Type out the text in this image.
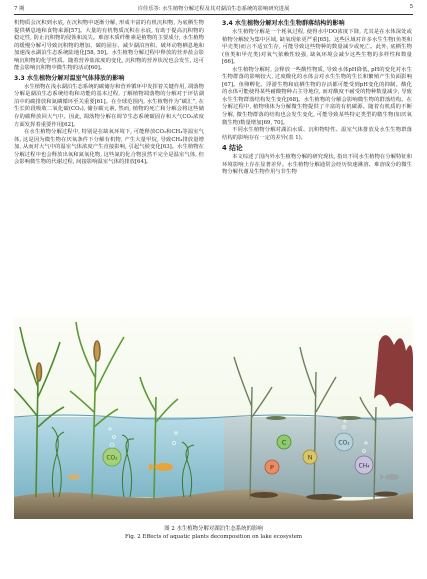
7 期	许佳乐等: 水生植物分解过程及其对湖泊生态系统的影响研究进展	5

机物质会沉积到水底, 在沉积物中逐渐分解, 形成丰富的有机沉积物, 为底栖生物提供栖息地和食物来源[57]。大量的有机物质沉积在水底, 有助于提高沉积物的稳定性, 防止沉积物的侵蚀和流失。难溶木质纤维素是植物的主要成分, 水生植物的缓慢分解可导致沉积物的增加、碳的固存、减少湖泊容积、破坏动物栖息地和加速浅水湖泊生态系统陆地化[58, 59]。水生植物分解过程中释放的营养盐会影响沉积物的化学性质。随着营养盐浓度的变化, 沉积物的营养状况也会发生, 这可能会影响沉积物中微生物的活动[60]。

3.3 水生植物分解对温室气体排放的影响

水生植物在浅水湖泊生态系统的碳储存和营养循环中发挥着关键作用, 凋落物分解是湖泊生态系统结构和功能的基本过程, 了解植物凋落物的分解对于评估湖泊中的碳排放和氮磷循环至关重要[61]。在全球范围内, 水生植物作为“碳汇”, 在生长阶段吸收二氧化碳(CO₂), 储存碳元素, 然而, 植物的死亡和分解会将这些储存的碳释放回大气中。因此, 凋落物分解在调节生态系统碳固存和大气CO₂浓度方面发挥着重要作用[62]。

在水生植物分解过程中, 特别是在缺氧环境下, 可能释放CO₂和CH₄等温室气体, 这是因为微生物在厌氧条件下分解有机物, 产生大量甲烷, 导致CH₄排放量增加, 从而对大气中的温室气体浓度产生直接影响, 引起气候变化[63]。水生植物在分解过程中也会释放出氧和氮氧化物, 这些氮的化合物虽然不完全是温室气体, 但会影响微生物的代谢过程, 间接影响温室气体的排放[64]。

3.4 水生植物分解对水生生物群落结构的影响

水生植物分解是一个耗氧过程, 使得水中DO浓度下降, 尤其是在水体深处或植物分解较为集中区域, 缺氧现象更严重[65]。这些区域对许多水生生物(鱼类和甲壳类)而言不适宜生存, 可能导致这些物种的数量减少或死亡。此外, 底栖生物(鱼类和甲壳类)对氧气依赖性较强, 缺氧环境会减少这些生物的多样性和数量[66]。

水生植物分解时, 会释放一些酸性物质, 导致水体pH降低, pH的变化对水生生物群落的影响较大, 过度酸化的水体会对水生生物的生长和繁殖产生负面影响[67]。鱼卵孵化、浮游生物和底栖生物的存活都可能受到pH变化的抑制。酸化的水体可能使得某些耐酸物种占主导地位, 而对酸度不耐受的物种数量减少, 导致水生生物群落结构发生变化[68]。水生植物的分解会影响微生物的群落结构。在分解过程中, 植物残体为分解微生物提供了丰富的有机碳源。随着有机质的不断分解, 微生物群落的结构也会发生变化, 可能导致某些特定类型的微生物(如厌氧微生物)数量增加[69, 70]。

不同水生植物分解对湖泊水质、沉积物特性、温室气体排放及水生生物群落结构的影响存在一定的差异(表 1)。

4 结论

本文综述了国内外水生植物分解的研究现状, 指出不同水生植物在分解特征和环境影响上存在显著差异。水生植物分解通常会经历快速淋溶、难溶成分的微生物分解代谢及生物作用与非生物

CO₂
C
N
P
CO₂
CH₄
图 2 水生植物分解对湖泊生态系统的影响
Fig. 2 Effects of aquatic plants decomposition on lake ecosystem
